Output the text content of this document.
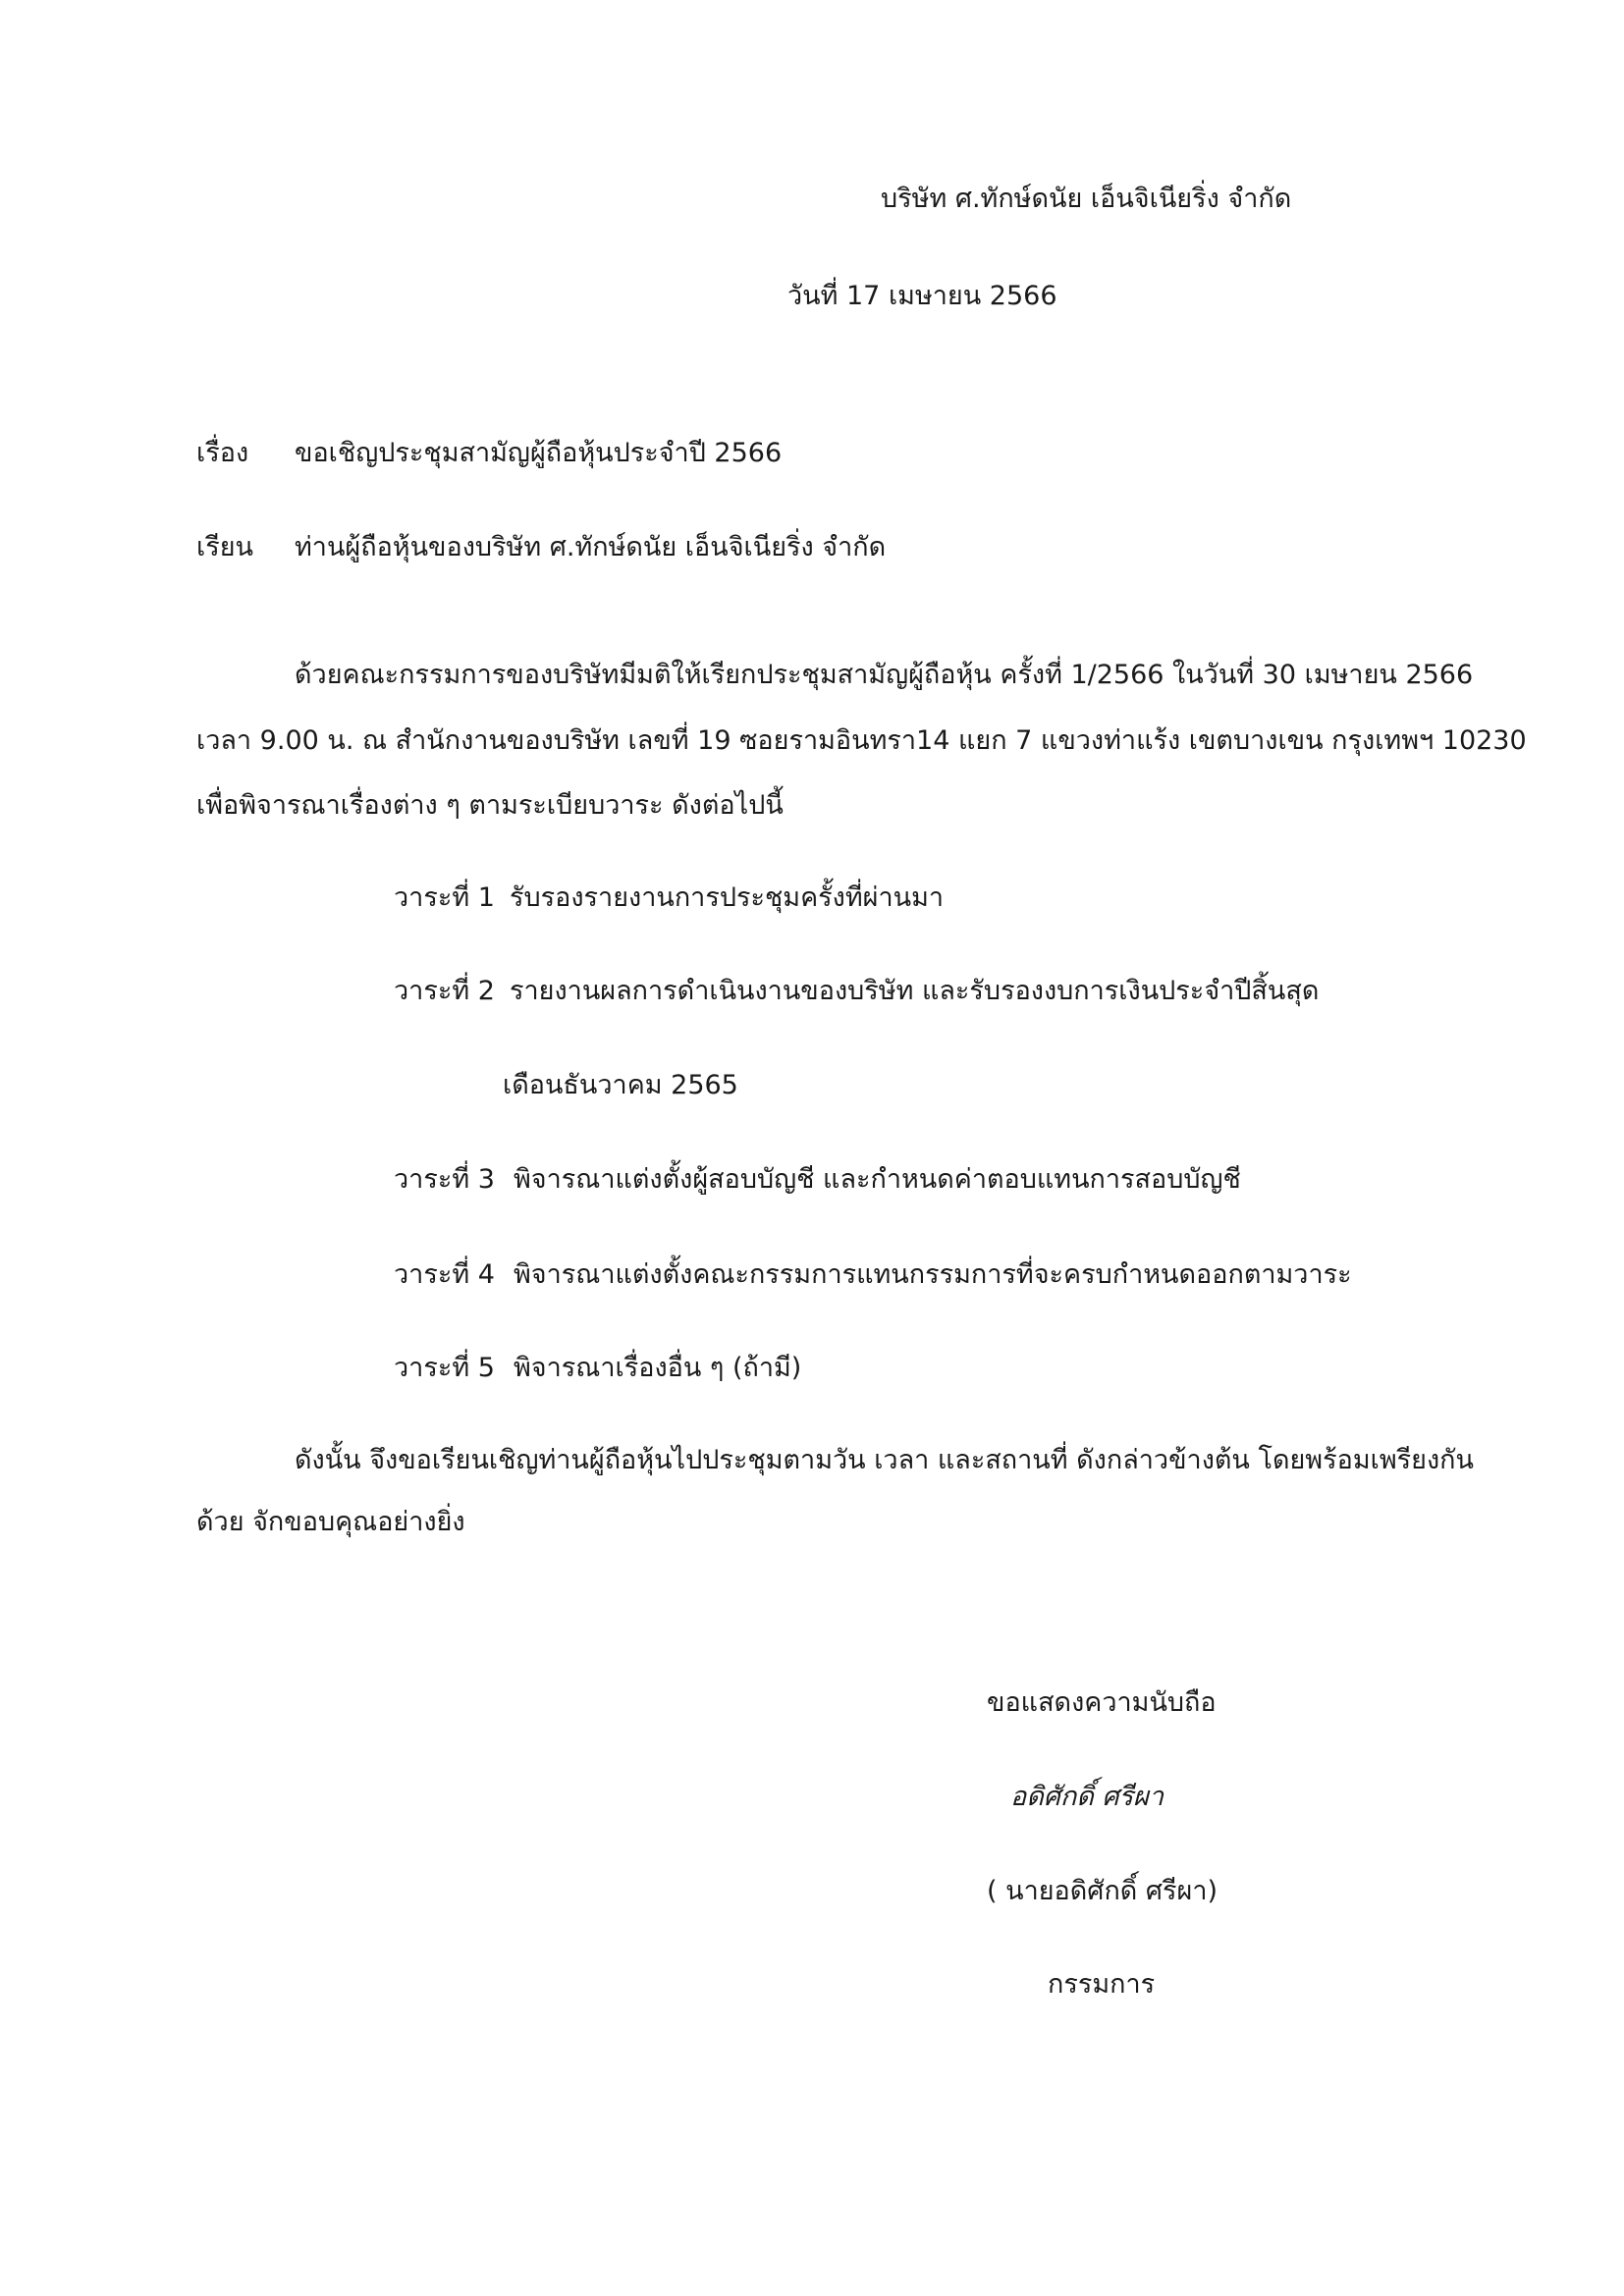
บริษัท ศ.ทักษ์ดนัย เอ็นจิเนียริ่ง จำกัด
วันที่ 17 เมษายน 2566
เรื่อง ขอเชิญประชุมสามัญผู้ถือหุ้นประจำปี 2566
เรียน ท่านผู้ถือหุ้นของบริษัท ศ.ทักษ์ดนัย เอ็นจิเนียริ่ง จำกัด
ด้วยคณะกรรมการของบริษัทมีมติให้เรียกประชุมสามัญผู้ถือหุ้น ครั้งที่ 1/2566 ในวันที่ 30 เมษายน 2566
เวลา 9.00 น. ณ สำนักงานของบริษัท เลขที่ 19 ซอยรามอินทรา14 แยก 7 แขวงท่าแร้ง เขตบางเขน กรุงเทพฯ 10230
เพื่อพิจารณาเรื่องต่าง ๆ ตามระเบียบวาระ ดังต่อไปนี้
วาระที่ 1 รับรองรายงานการประชุมครั้งที่ผ่านมา
วาระที่ 2 รายงานผลการดำเนินงานของบริษัท และรับรองงบการเงินประจำปีสิ้นสุด
เดือนธันวาคม 2565
วาระที่ 3 พิจารณาแต่งตั้งผู้สอบบัญชี และกำหนดค่าตอบแทนการสอบบัญชี
วาระที่ 4 พิจารณาแต่งตั้งคณะกรรมการแทนกรรมการที่จะครบกำหนดออกตามวาระ
วาระที่ 5 พิจารณาเรื่องอื่น ๆ (ถ้ามี)
ดังนั้น จึงขอเรียนเชิญท่านผู้ถือหุ้นไปประชุมตามวัน เวลา และสถานที่ ดังกล่าวข้างต้น โดยพร้อมเพรียงกัน
ด้วย จักขอบคุณอย่างยิ่ง
ขอแสดงความนับถือ
อดิศักดิ์ ศรีผา
( นายอดิศักดิ์ ศรีผา)
กรรมการ
